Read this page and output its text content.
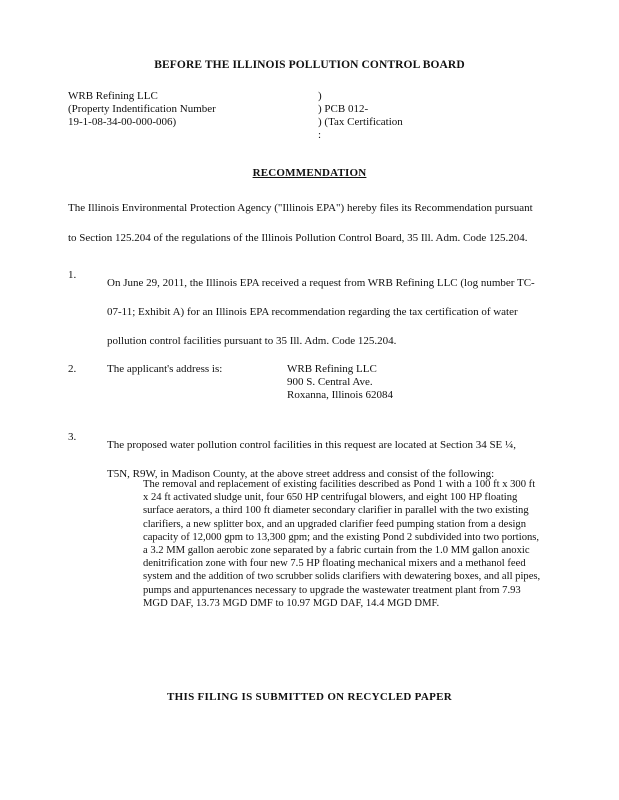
BEFORE THE ILLINOIS POLLUTION CONTROL BOARD
WRB Refining LLC
(Property Indentification Number
19-1-08-34-00-000-006)
)
) PCB 012-
) (Tax Certification
:
RECOMMENDATION
The Illinois Environmental Protection Agency ("Illinois EPA") hereby files its Recommendation pursuant
to Section 125.204 of the regulations of the Illinois Pollution Control Board, 35 Ill. Adm. Code 125.204.
1.
On June 29, 2011, the Illinois EPA received a request from WRB Refining LLC (log number TC-
07-11; Exhibit A) for an Illinois EPA recommendation regarding the tax certification of water
pollution control facilities pursuant to 35 Ill. Adm. Code 125.204.
2.	The applicant's address is:	WRB Refining LLC
900 S. Central Ave.
Roxanna, Illinois 62084
3.
The proposed water pollution control facilities in this request are located at Section 34 SE ¼,
T5N, R9W, in Madison County, at the above street address and consist of the following:
The removal and replacement of existing facilities described as Pond 1 with a 100 ft x 300 ft x 24 ft activated sludge unit, four 650 HP centrifugal blowers, and eight 100 HP floating surface aerators, a third 100 ft diameter secondary clarifier in parallel with the two existing clarifiers, a new splitter box, and an upgraded clarifier feed pumping station from a design capacity of 12,000 gpm to 13,300 gpm; and the existing Pond 2 subdivided into two portions, a 3.2 MM gallon aerobic zone separated by a fabric curtain from the 1.0 MM gallon anoxic denitrification zone with four new 7.5 HP floating mechanical mixers and a methanol feed system and the addition of two scrubber solids clarifiers with dewatering boxes, and all pipes, pumps and appurtenances necessary to upgrade the wastewater treatment plant from 7.93 MGD DAF, 13.73 MGD DMF to 10.97 MGD DAF, 14.4 MGD DMF.
THIS FILING IS SUBMITTED ON RECYCLED PAPER
